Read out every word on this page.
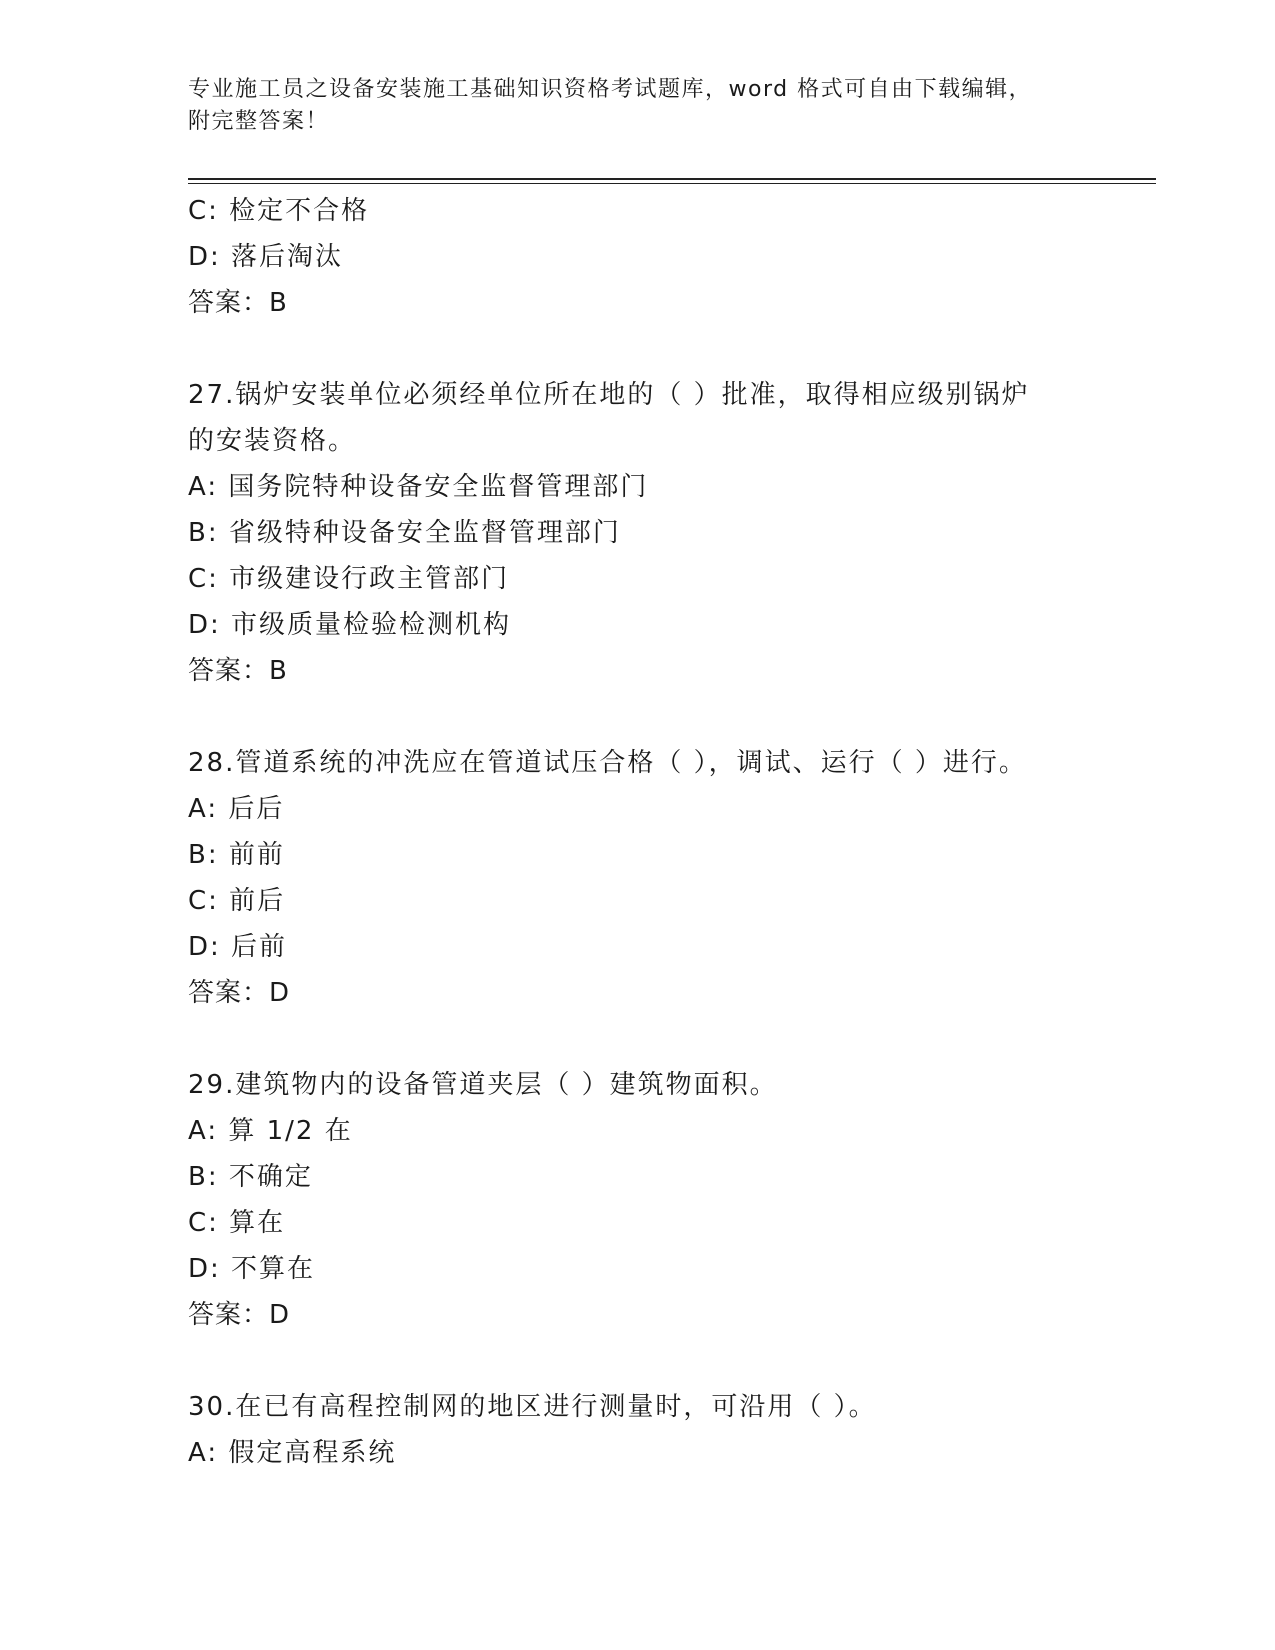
专业施工员之设备安装施工基础知识资格考试题库，word 格式可自由下载编辑，
附完整答案！
C: 检定不合格
D: 落后淘汰
答案：B
27.锅炉安装单位必须经单位所在地的（ ）批准，取得相应级别锅炉
的安装资格。
A: 国务院特种设备安全监督管理部门
B: 省级特种设备安全监督管理部门
C: 市级建设行政主管部门
D: 市级质量检验检测机构
答案：B
28.管道系统的冲洗应在管道试压合格（ ），调试、运行（ ）进行。
A: 后后
B: 前前
C: 前后
D: 后前
答案：D
29.建筑物内的设备管道夹层（ ）建筑物面积。
A: 算 1/2 在
B: 不确定
C: 算在
D: 不算在
答案：D
30.在已有高程控制网的地区进行测量时，可沿用（ ）。
A: 假定高程系统
